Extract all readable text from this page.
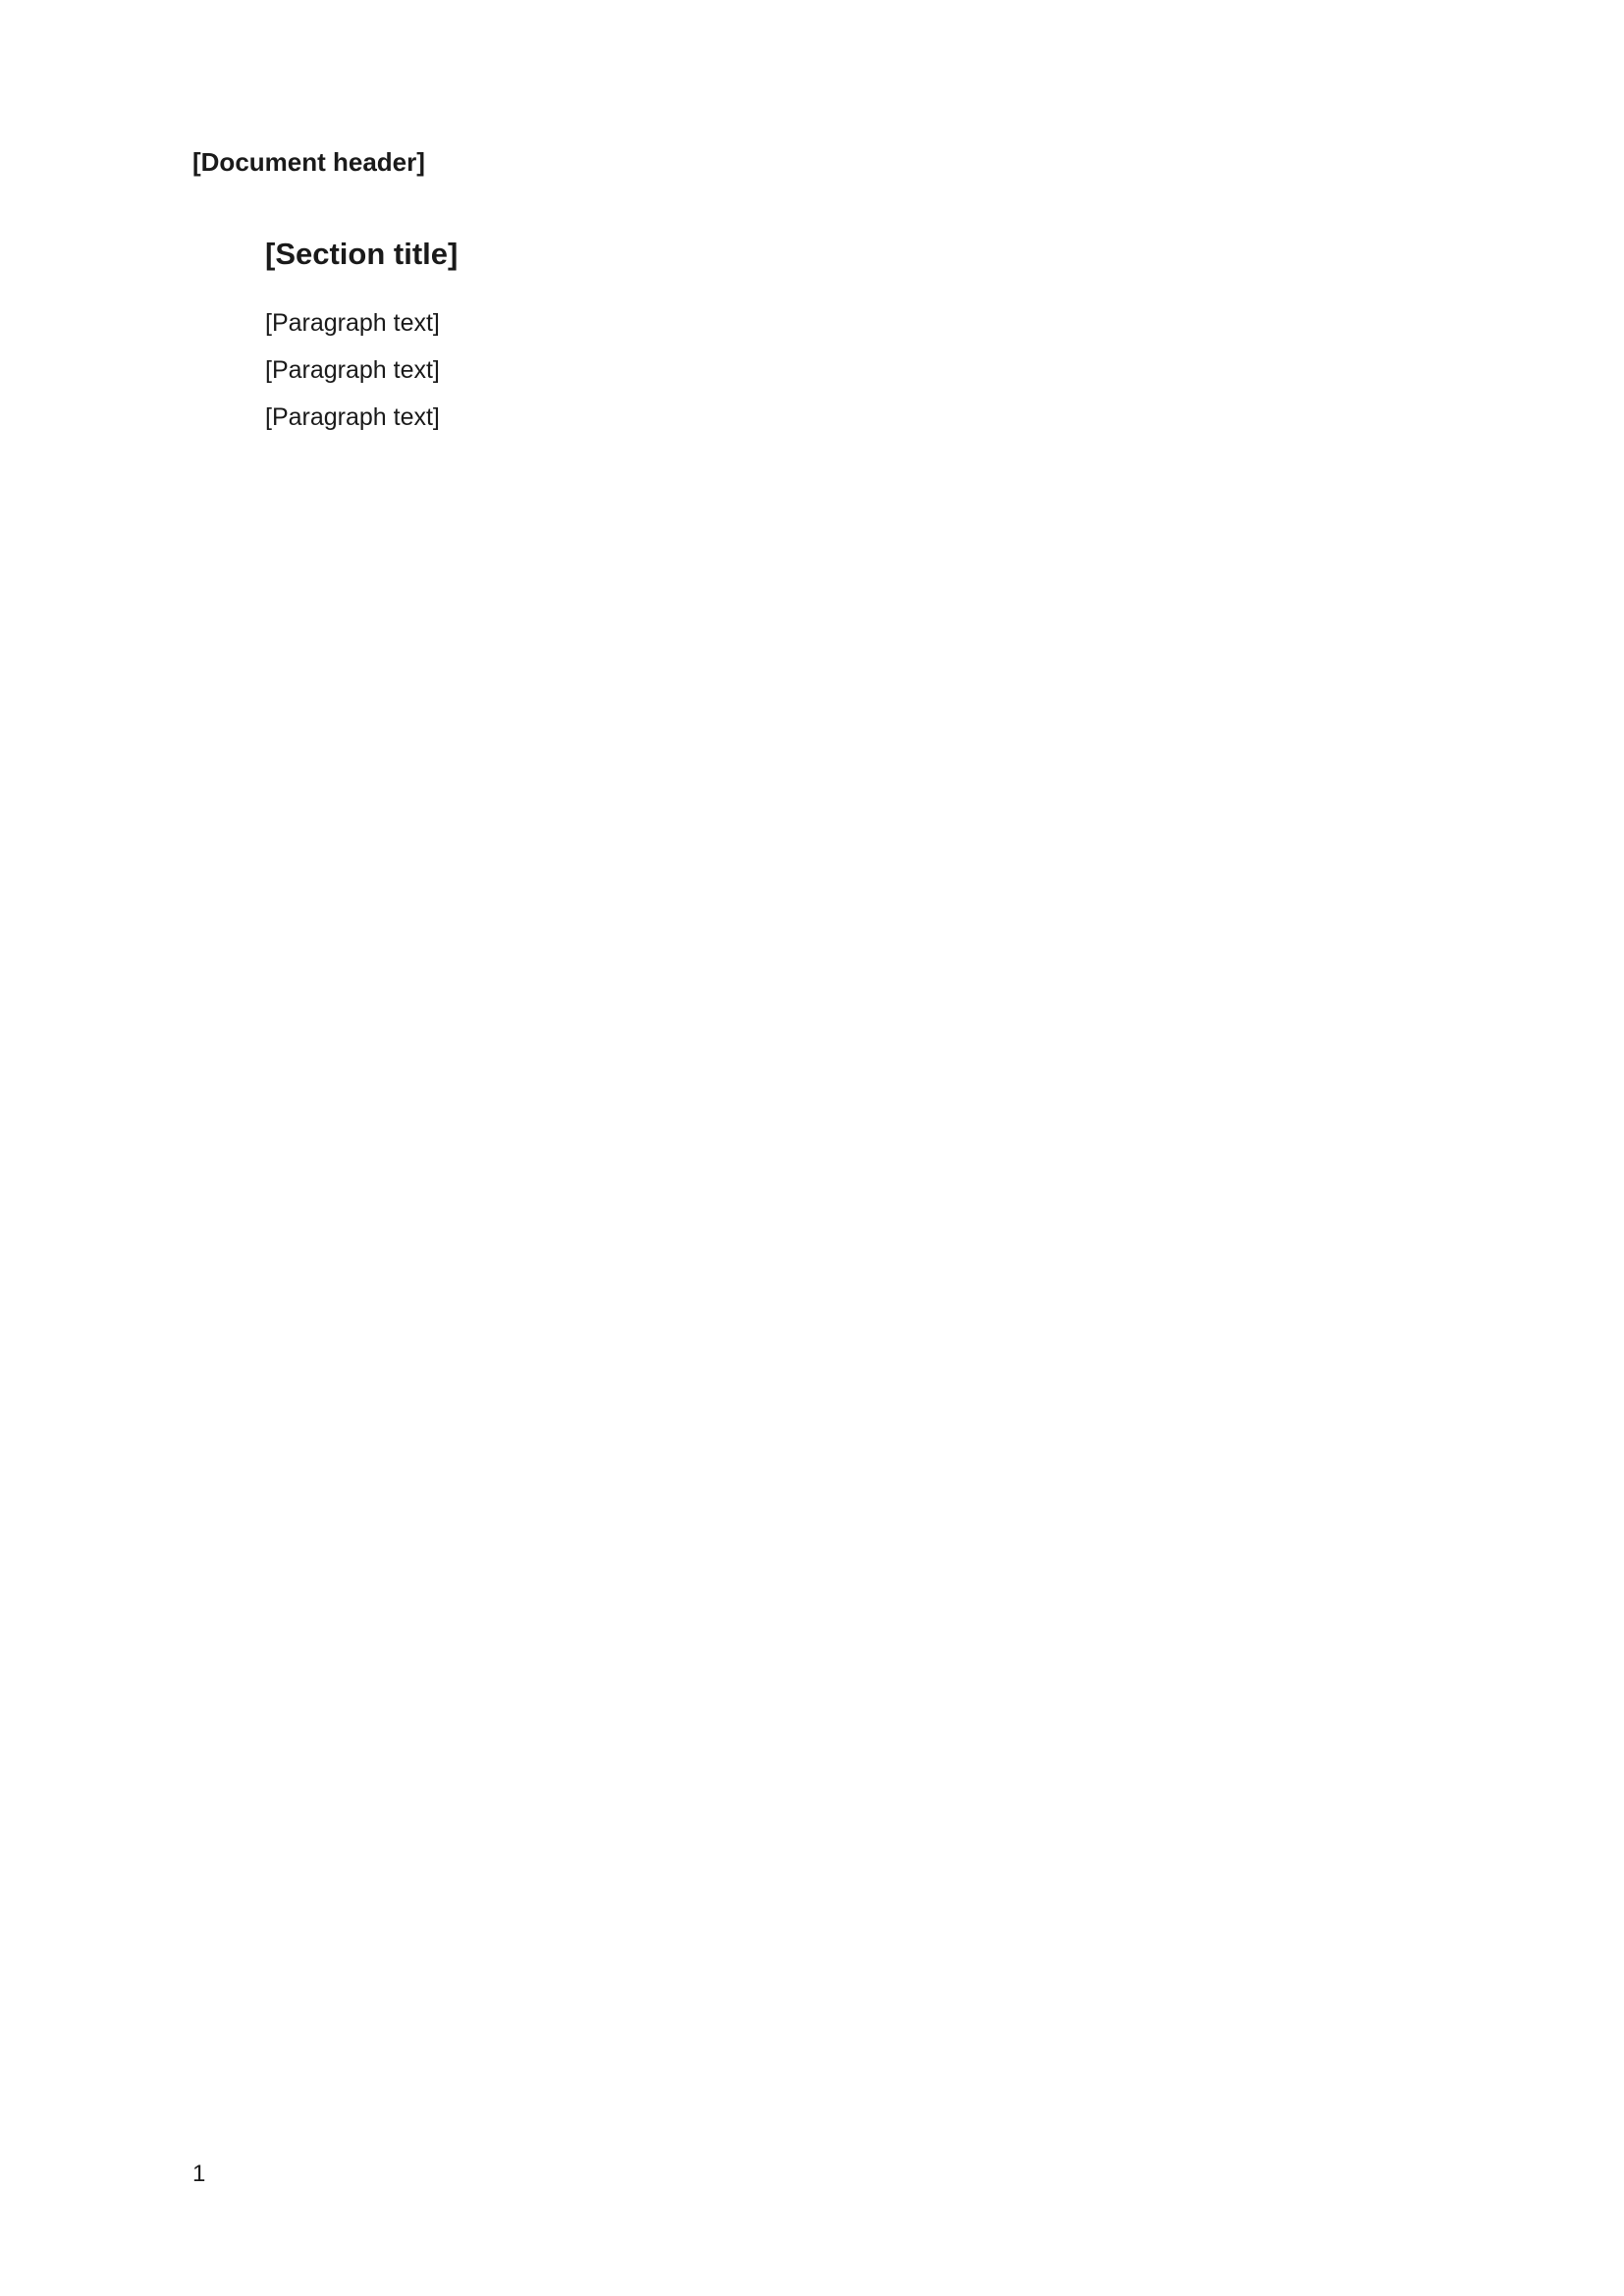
[Document header]
[Section title]

[Paragraph text]

[Paragraph text]

[Paragraph text]

1
